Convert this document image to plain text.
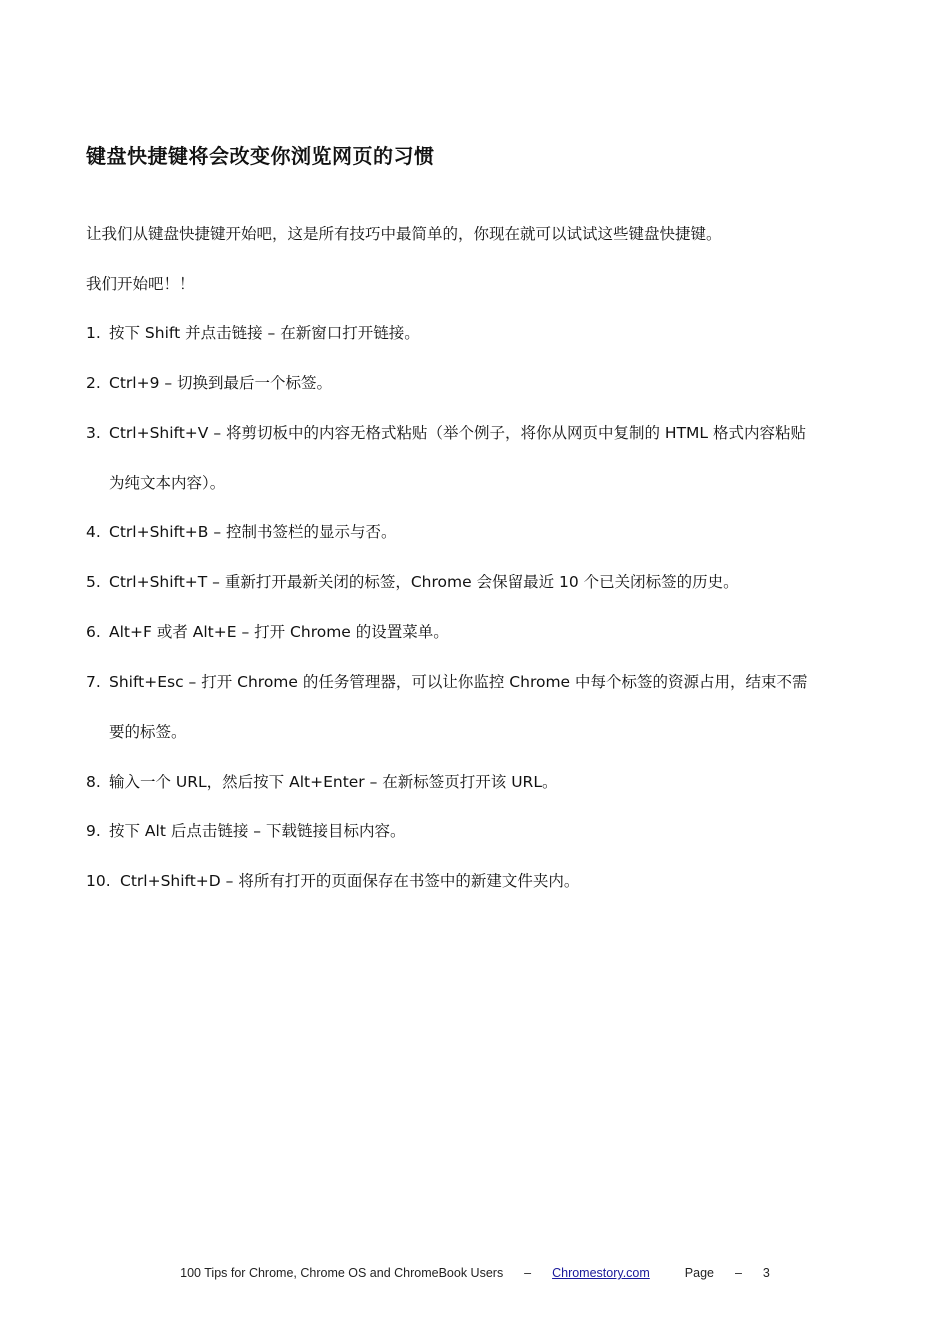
键盘快捷键将会改变你浏览网页的习惯
让我们从键盘快捷键开始吧，这是所有技巧中最简单的，你现在就可以试试这些键盘快捷键。
我们开始吧！！
1. 按下 Shift 并点击链接 – 在新窗口打开链接。
2. Ctrl+9 – 切换到最后一个标签。
3. Ctrl+Shift+V – 将剪切板中的内容无格式粘贴（举个例子，将你从网页中复制的 HTML 格式内容粘贴
为纯文本内容）。
4. Ctrl+Shift+B – 控制书签栏的显示与否。
5. Ctrl+Shift+T – 重新打开最新关闭的标签，Chrome 会保留最近 10 个已关闭标签的历史。
6. Alt+F 或者 Alt+E – 打开 Chrome 的设置菜单。
7. Shift+Esc – 打开 Chrome 的任务管理器，可以让你监控 Chrome 中每个标签的资源占用，结束不需
要的标签。
8. 输入一个 URL，然后按下 Alt+Enter – 在新标签页打开该 URL。
9. 按下 Alt 后点击链接 – 下载链接目标内容。
10. Ctrl+Shift+D – 将所有打开的页面保存在书签中的新建文件夹内。
100 Tips for Chrome, Chrome OS and ChromeBook Users – Chromestory.com	Page – 3
